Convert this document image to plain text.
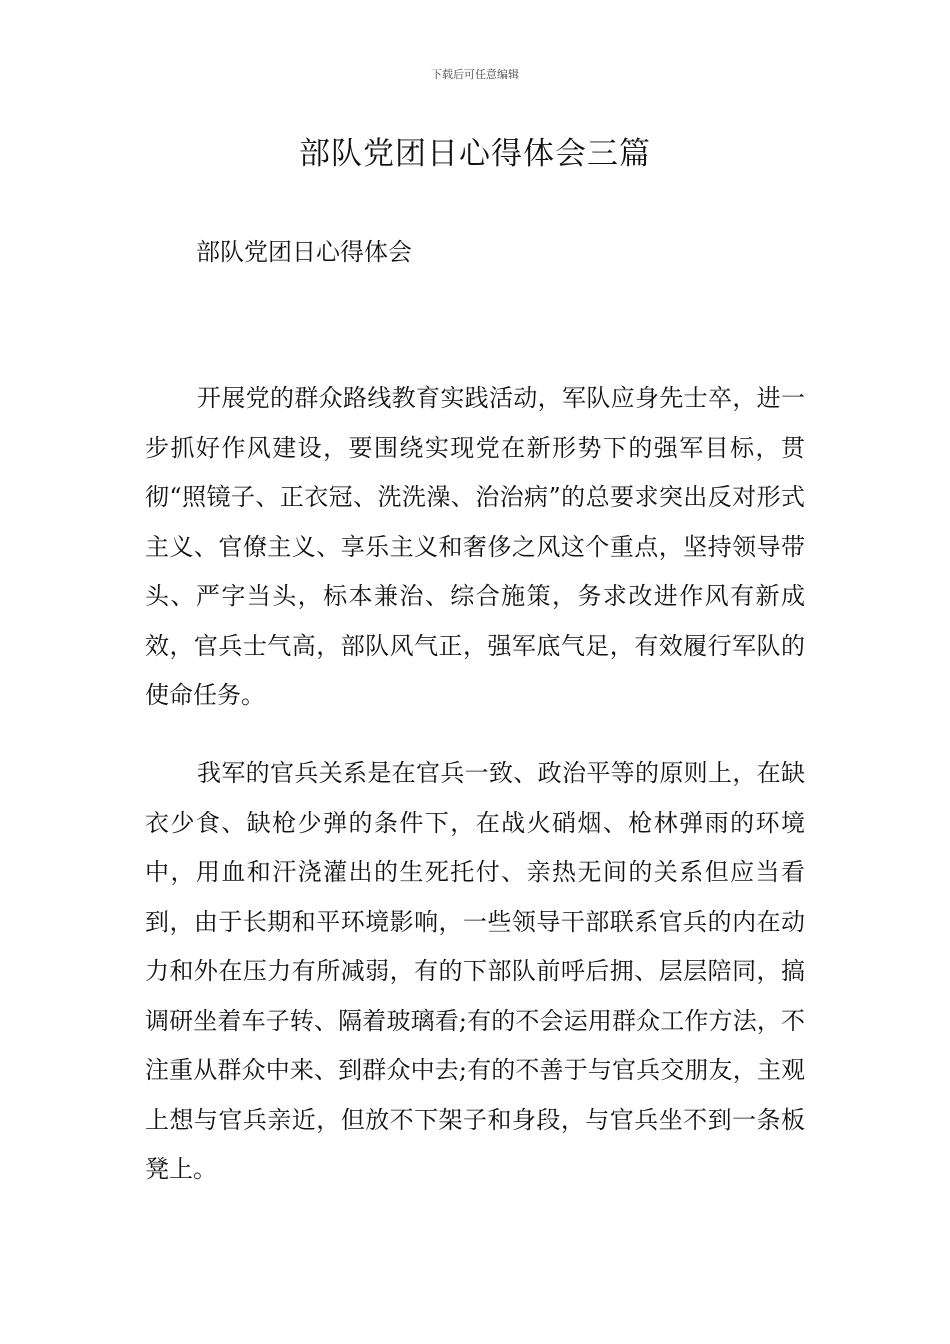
下载后可任意编辑
部队党团日心得体会三篇

部队党团日心得体会

开展党的群众路线教育实践活动，军队应身先士卒，进一步抓好作风建设，要围绕实现党在新形势下的强军目标，贯彻“照镜子、正衣冠、洗洗澡、治治病”的总要求突出反对形式主义、官僚主义、享乐主义和奢侈之风这个重点，坚持领导带头、严字当头，标本兼治、综合施策，务求改进作风有新成效，官兵士气高，部队风气正，强军底气足，有效履行军队的使命任务。

我军的官兵关系是在官兵一致、政治平等的原则上，在缺衣少食、缺枪少弹的条件下，在战火硝烟、枪林弹雨的环境中，用血和汗浇灌出的生死托付、亲热无间的关系但应当看到，由于长期和平环境影响，一些领导干部联系官兵的内在动力和外在压力有所减弱，有的下部队前呼后拥、层层陪同，搞调研坐着车子转、隔着玻璃看;有的不会运用群众工作方法，不注重从群众中来、到群众中去;有的不善于与官兵交朋友，主观上想与官兵亲近，但放不下架子和身段，与官兵坐不到一条板凳上。
